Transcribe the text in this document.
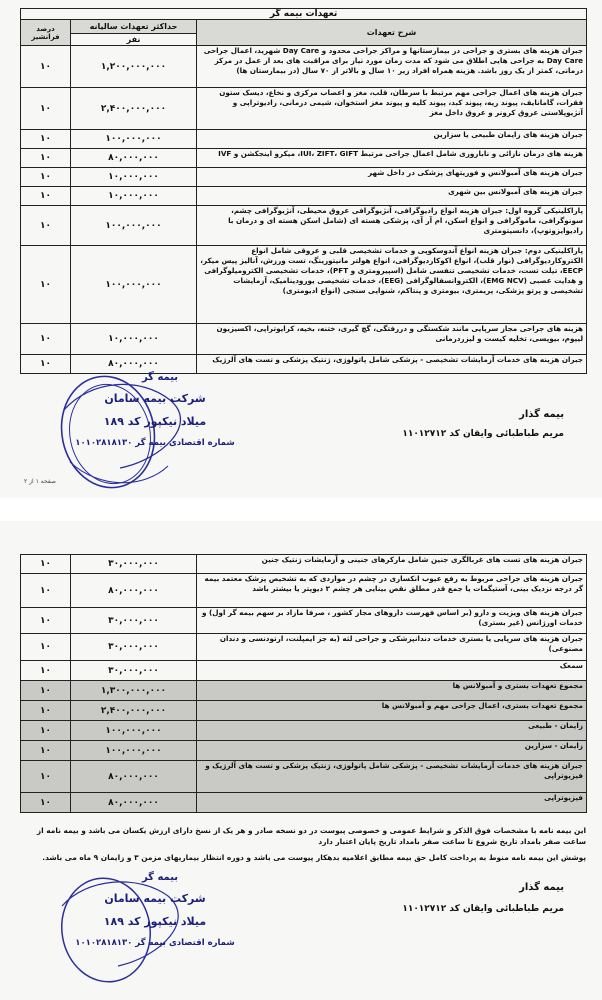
تعهدات بیمه گر		
درصد فرانشیز	حداکثر تعهدات سالیانه	شرح تعهدات
	نفر	
۱۰	۱,۲۰۰,۰۰۰,۰۰۰	جبران هزینه های بستری و جراحی در بیمارستانها و مراکز جراحی محدود و Day Care شهرید، اعمال جراحی Day Care به جراحی هایی اطلاق می شود که مدت زمان مورد نیاز برای مراقبت های بعد از عمل در مرکز درمانی، کمتر از یک روز باشد. هزینه همراه افراد زیر ۱۰ سال و بالاتر از ۷۰ سال (در بیمارستان ها)
۱۰	۲,۴۰۰,۰۰۰,۰۰۰	جبران هزینه های اعمال جراحی مهم مرتبط با سرطان، قلب، مغز و اعصاب مرکزی و نخاع، دیسک ستون فقرات، گامانایف، پیوند ریه، پیوند کبد، پیوند کلیه و پیوند مغز استخوان، شیمی درمانی، رادیوتراپی و آنژیوپلاستی عروق کرونر و عروق داخل مغز
۱۰	۱۰۰,۰۰۰,۰۰۰	جبران هزینه های زایمان طبیعی یا سزارین
۱۰	۸۰,۰۰۰,۰۰۰	هزینه های درمان نازائی و ناباروری شامل اعمال جراحی مرتبط IUI، ZIFT، GIFT، میکرو اینجکشن و IVF
۱۰	۱۰,۰۰۰,۰۰۰	جبران هزینه های آمبولانس و فوریتهای پزشکی در داخل شهر
۱۰	۱۰,۰۰۰,۰۰۰	جبران هزینه های آمبولانس بین شهری
۱۰	۱۰۰,۰۰۰,۰۰۰	پاراکلینیکی گروه اول: جبران هزینه انواع رادیوگرافی، آنژیوگرافی عروق محیطی، آنژیوگرافی چشم، سونوگرافی، ماموگرافی و انواع اسکن، ام آر آی، پزشکی هسته ای (شامل اسکن هسته ای و درمان با رادیوایزوتوپ)، دانسیتومتری
۱۰	۱۰۰,۰۰۰,۰۰۰	پاراکلینیکی دوم: جبران هزینه انواع آندوسکوپی و خدمات تشخیصی قلبی و عروقی شامل انواع الکتروکاردیوگرافی (نوار قلب)، انواع اکوکاردیوگرافی، انواع هولتر مانیتورینگ، تست ورزش، آنالیز پیس میکر، EECP، تیلت تست، خدمات تشخیصی تنفسی شامل (اسپیرومتری و PFT)، خدمات تشخیصی الکترومیلوگرافی و هدایت عصبی (EMG NCV)، الکتروانسفالوگرافی (EEG)، خدمات تشخیصی یورودینامیک، آزمایشات تشخیصی و پرتو پزشکی، پریمتری، بیومتری و پنتاکم، شنوایی سنجی (انواع ادیومتری)
۱۰	۱۰,۰۰۰,۰۰۰	هزینه های جراحی مجاز سرپایی مانند شکستگی و دررفتگی، گچ گیری، ختنه، بخیه، کرایوتراپی، اکسیزیون لیپوم، بیوپسی، تخلیه کیست و لیزردرمانی
۱۰	۸۰,۰۰۰,۰۰۰	جبران هزینه های خدمات آزمایشات تشخیصی - پزشکی شامل پاتولوژی، ژنتیک پزشکی و تست های آلرژیک
بیمه گذار
مریم طباطبائی وایقان کد ۱۱۰۱۲۷۱۲
بیمه گر
شرکت بیمه سامان
میلاد نیکپور کد ۱۸۹
شماره اقتصادی بیمه گر ۱۰۱۰۲۸۱۸۱۳۰
صفحه ۱ از ۲
۱۰	۳۰,۰۰۰,۰۰۰	جبران هزینه های تست های غربالگری جنین شامل مارکرهای جنینی و آزمایشات ژنتیک جنین
۱۰	۸۰,۰۰۰,۰۰۰	جبران هزینه های جراحی مربوط به رفع عیوب انکساری در چشم در مواردی که به تشخیص پزشک معتمد بیمه گر درجه نزدیک بینی، آستیگمات یا جمع قدر مطلق نقص بینایی هر چشم ۳ دیوپتر یا بیشتر باشد
۱۰	۳۰,۰۰۰,۰۰۰	جبران هزینه های ویزیت و دارو (بر اساس فهرست داروهای مجاز کشور ، صرفا مازاد بر سهم بیمه گر اول) و خدمات اورژانس (غیر بستری)
۱۰	۳۰,۰۰۰,۰۰۰	جبران هزینه های سرپایی یا بستری خدمات دندانپزشکی و جراحی لثه (به جز ایمپلنت، ارتودنسی و دندان مصنوعی)
۱۰	۳۰,۰۰۰,۰۰۰	سمعک
۱۰	۱,۳۰۰,۰۰۰,۰۰۰	مجموع تعهدات بستری و آمبولانس ها
۱۰	۲,۴۰۰,۰۰۰,۰۰۰	مجموع تعهدات بستری، اعمال جراحی مهم و آمبولانس ها
۱۰	۱۰۰,۰۰۰,۰۰۰	زایمان - طبیعی
۱۰	۱۰۰,۰۰۰,۰۰۰	زایمان - سزارین
۱۰	۸۰,۰۰۰,۰۰۰	جبران هزینه های خدمات آزمایشات تشخیصی - پزشکی شامل پاتولوژی، ژنتیک پزشکی و تست های آلرژیک و فیزیوتراپی
۱۰	۸۰,۰۰۰,۰۰۰	فیزیوتراپی
این بیمه نامه با مشخصات فوق الذکر و شرایط عمومی و خصوصی پیوست در دو نسخه صادر و هر یک از نسخ دارای ارزش یکسان می باشد و بیمه نامه از ساعت صفر بامداد تاریخ شروع تا ساعت صفر بامداد تاریخ پایان اعتبار دارد
پوشش این بیمه نامه منوط به پرداخت کامل حق بیمه مطابق اعلامیه بدهکار پیوست می باشد و دوره انتظار بیماریهای مزمن ۳ و زایمان ۹ ماه می باشد.
بیمه گذار
مریم طباطبائی وایقان کد ۱۱۰۱۲۷۱۲
بیمه گر
شرکت بیمه سامان
میلاد نیکپور کد ۱۸۹
شماره اقتصادی بیمه گر ۱۰۱۰۲۸۱۸۱۳۰
